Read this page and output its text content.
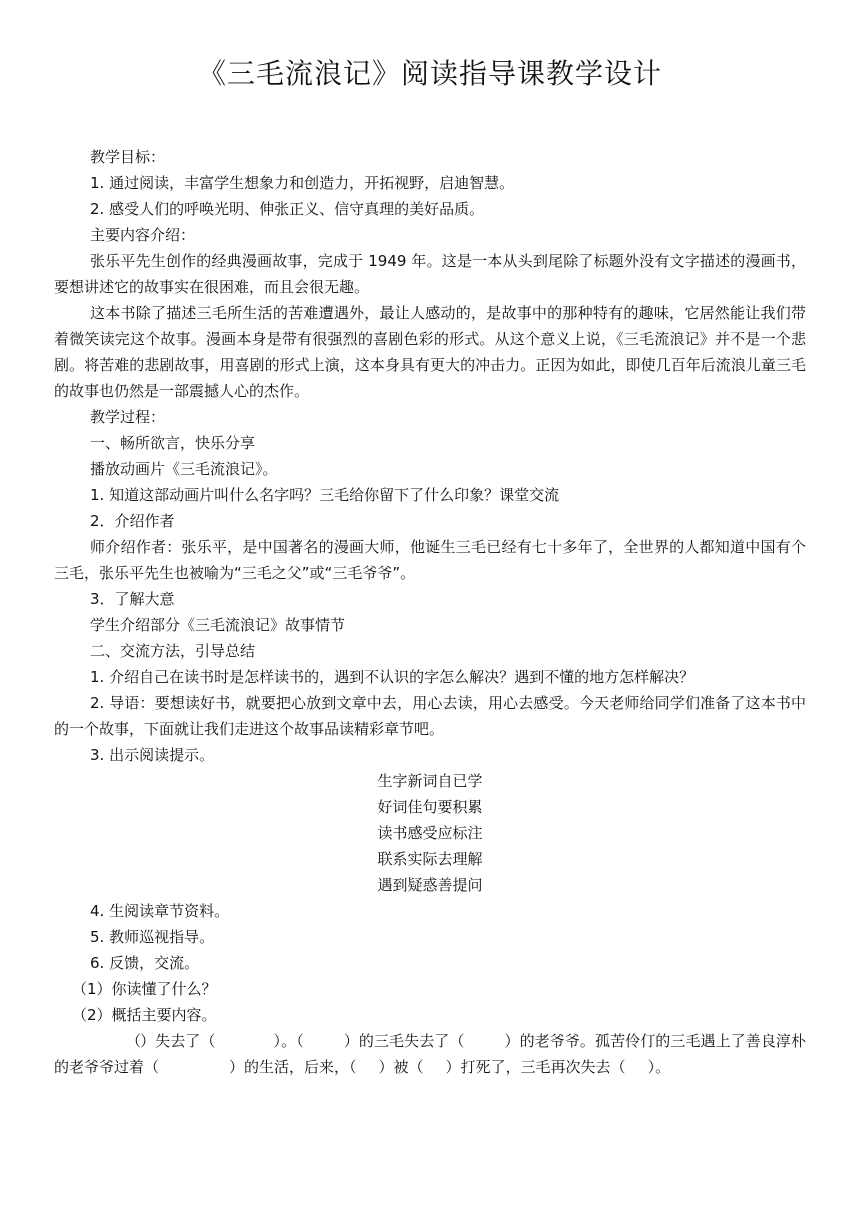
《三毛流浪记》阅读指导课教学设计

教学目标：

1. 通过阅读，丰富学生想象力和创造力，开拓视野，启迪智慧。

2. 感受人们的呼唤光明、伸张正义、信守真理的美好品质。

主要内容介绍：

张乐平先生创作的经典漫画故事，完成于 1949 年。这是一本从头到尾除了标题外没有文字描述的漫画书，要想讲述它的故事实在很困难，而且会很无趣。

这本书除了描述三毛所生活的苦难遭遇外，最让人感动的，是故事中的那种特有的趣味，它居然能让我们带着微笑读完这个故事。漫画本身是带有很强烈的喜剧色彩的形式。从这个意义上说，《三毛流浪记》并不是一个悲剧。将苦难的悲剧故事，用喜剧的形式上演，这本身具有更大的冲击力。正因为如此，即使几百年后流浪儿童三毛的故事也仍然是一部震撼人心的杰作。

教学过程：

一、畅所欲言，快乐分享

播放动画片《三毛流浪记》。

1. 知道这部动画片叫什么名字吗？三毛给你留下了什么印象？课堂交流

2．介绍作者

师介绍作者：张乐平，是中国著名的漫画大师，他诞生三毛已经有七十多年了，全世界的人都知道中国有个三毛，张乐平先生也被喻为“三毛之父”或“三毛爷爷”。

3．了解大意

学生介绍部分《三毛流浪记》故事情节

二、交流方法，引导总结

1. 介绍自己在读书时是怎样读书的，遇到不认识的字怎么解决？遇到不懂的地方怎样解决？

2. 导语：要想读好书，就要把心放到文章中去，用心去读，用心去感受。今天老师给同学们准备了这本书中的一个故事，下面就让我们走进这个故事品读精彩章节吧。

3. 出示阅读提示。

生字新词自已学

好词佳句要积累

读书感受应标注

联系实际去理解

遇到疑惑善提问

4. 生阅读章节资料。

5. 教师巡视指导。

6. 反馈，交流。

（1）你读懂了什么？

（2）概括主要内容。

（）失去了（	）。（	）的三毛失去了（	）的老爷爷。孤苦伶仃的三毛遇上了善良淳朴的老爷爷过着（	）的生活，后来，（ ）被（ ）打死了，三毛再次失去（ ）。
